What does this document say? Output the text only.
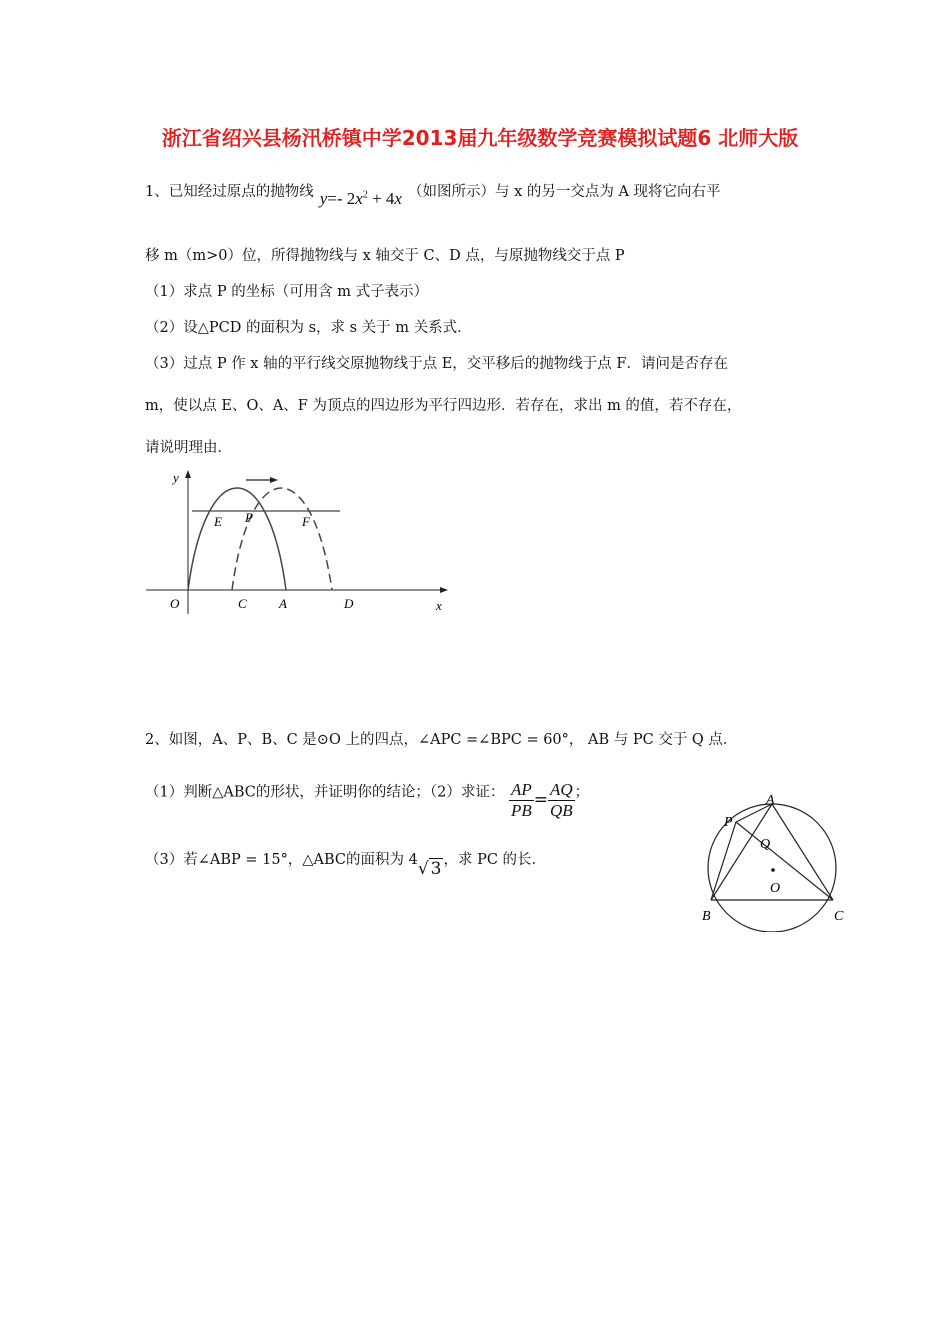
浙江省绍兴县杨汛桥镇中学2013届九年级数学竞赛模拟试题6 北师大版
1、已知经过原点的抛物线 y=- $2x^2 + 4x$ （如图所示）与 x 的另一交点为 A 现将它向右平
移 m（m>0）位，所得抛物线与 x 轴交于 C、D 点，与原抛物线交于点 P
（1）求点 P 的坐标（可用含 m 式子表示）
（2）设△PCD 的面积为 s，求 s 关于 m 关系式．
（3）过点 P 作 x 轴的平行线交原抛物线于点 E，交平移后的抛物线于点 F．请问是否存在
m，使以点 E、O、A、F 为顶点的四边形为平行四边形．若存在，求出 m 的值，若不存在，
请说明理由．
y
x
O	C A	D
E P	F
2、如图，A、P、B、C 是⊙O 上的四点，∠APC =∠BPC = 60°， AB 与 PC 交于 Q 点．
（1）判断△ABC的形状，并证明你的结论；（2）求证： $\frac{AP}{PB} = \frac{AQ}{QB}$ ；
（3）若∠ABP = 15°，△ABC的面积为 4√ 3 ，求 PC 的长．
A
P
Q
O
B	C
